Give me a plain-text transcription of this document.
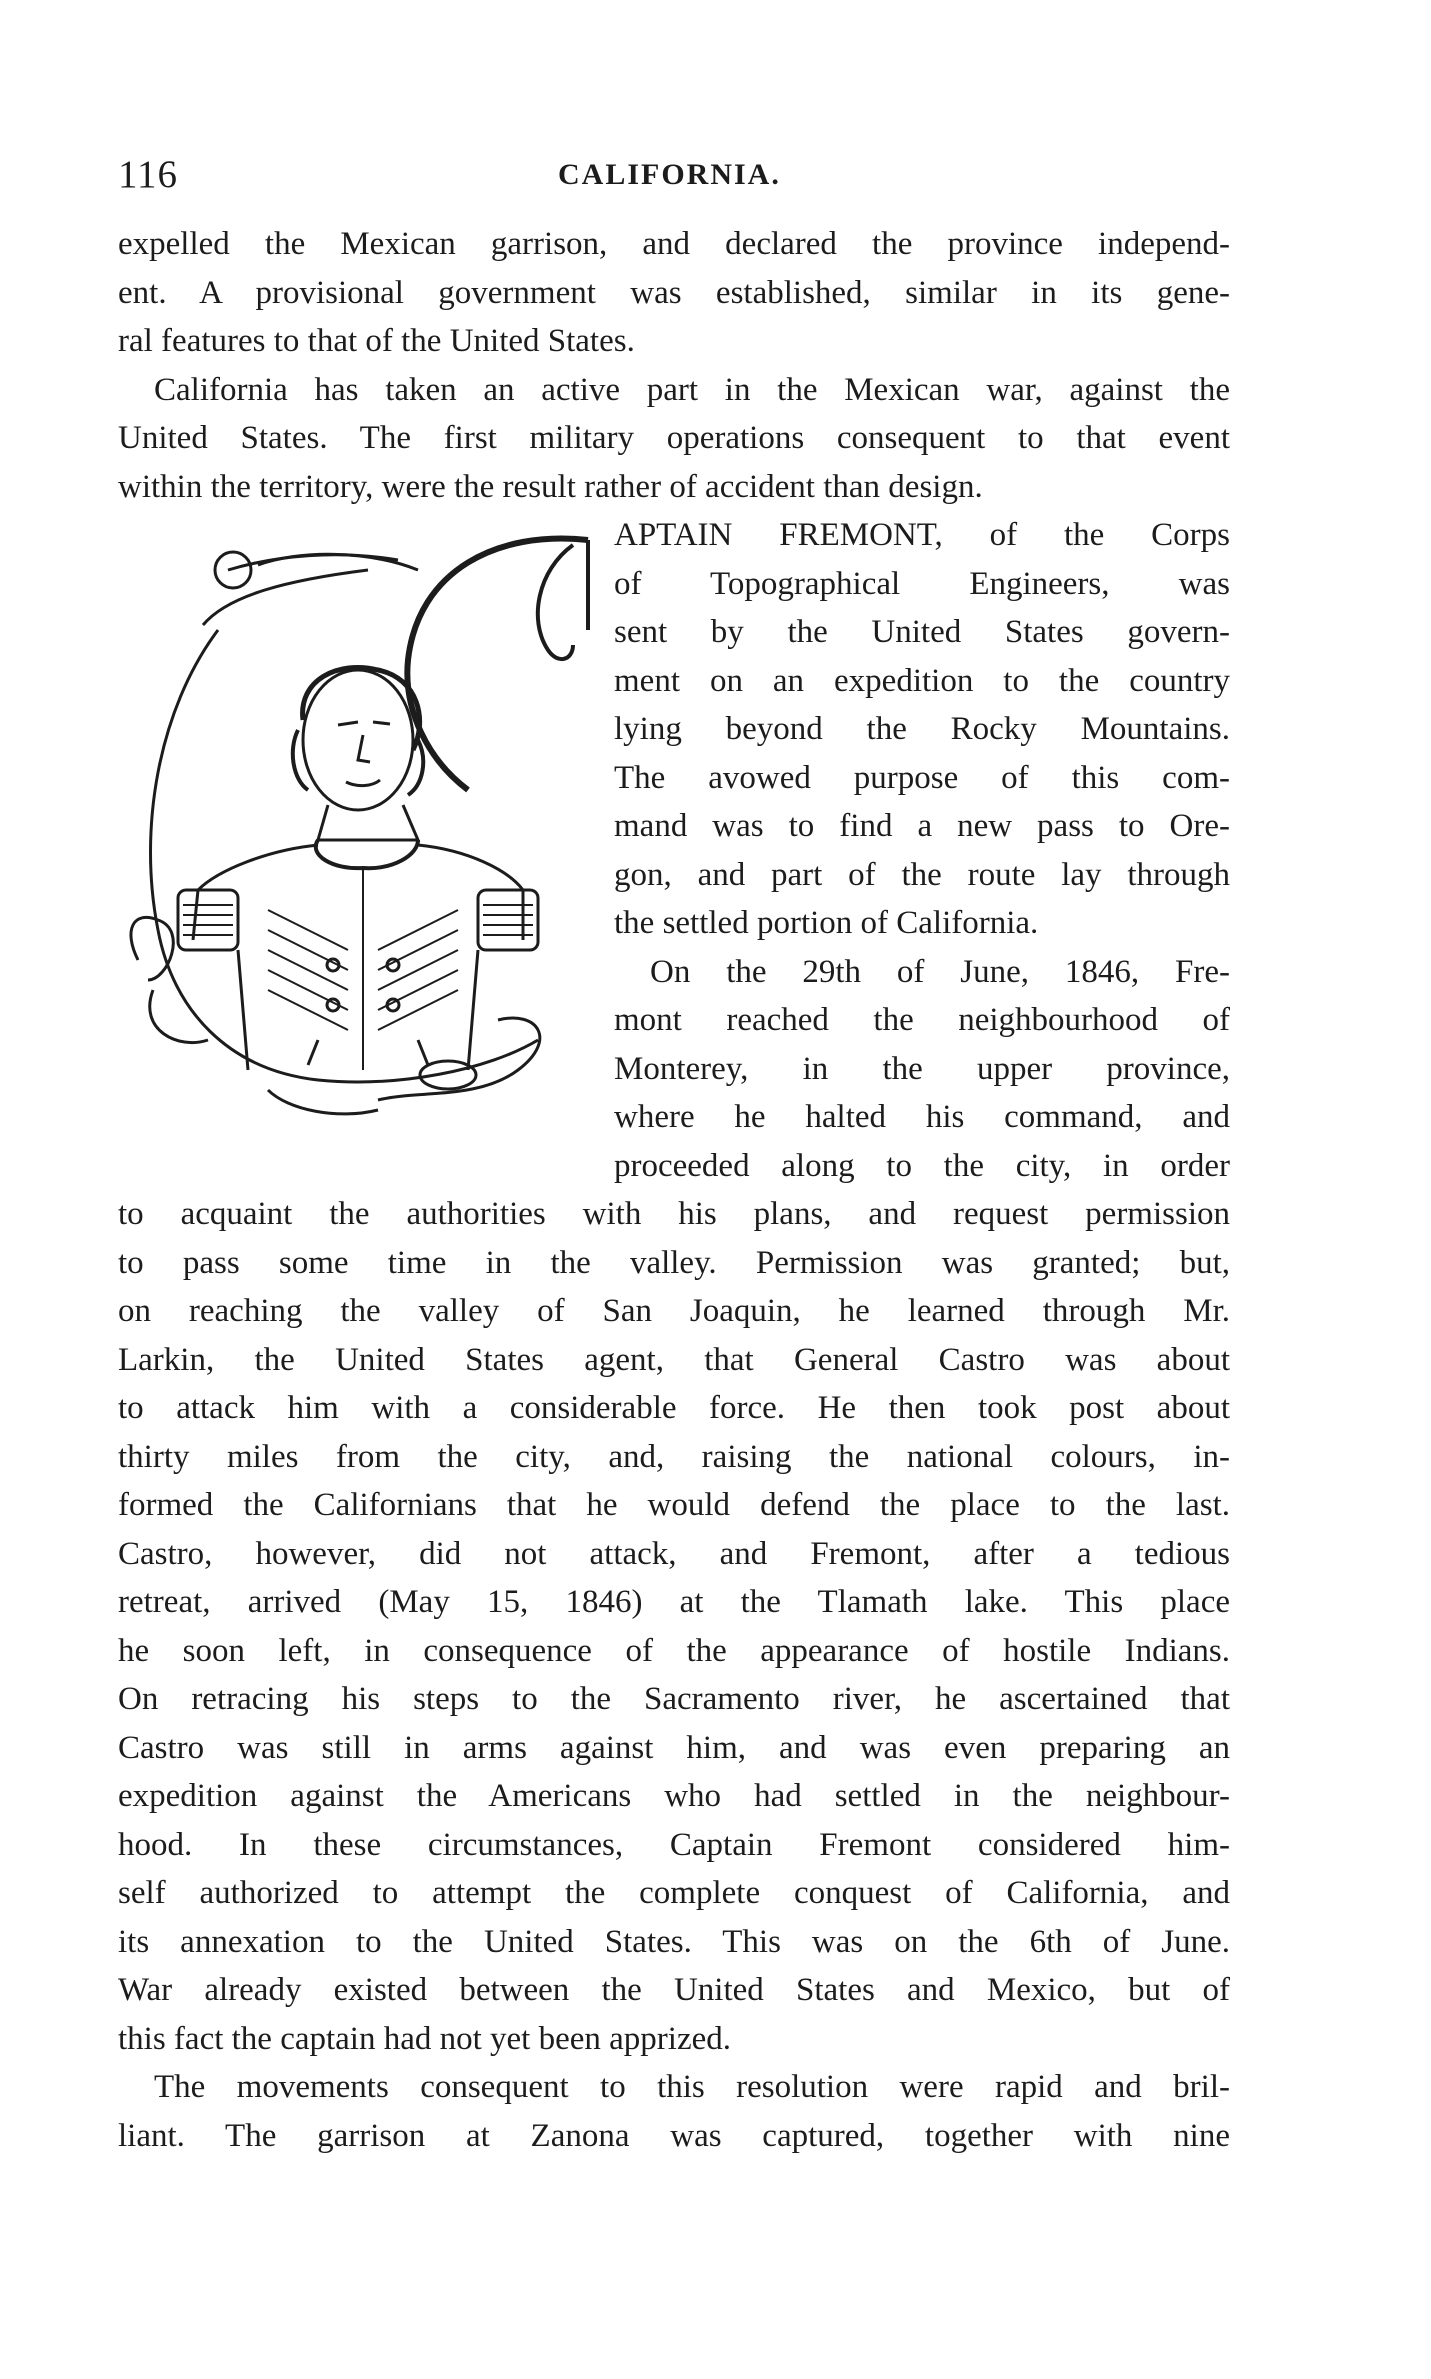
116	CALIFORNIA.
expelled the Mexican garrison, and declared the province independ-
ent. A provisional government was established, similar in its gene-
ral features to that of the United States.
California has taken an active part in the Mexican war, against the
United States. The first military operations consequent to that event
within the territory, were the result rather of accident than design.
APTAIN FREMONT, of the Corps
of Topographical Engineers, was
sent by the United States govern-
ment on an expedition to the country
lying beyond the Rocky Mountains.
The avowed purpose of this com-
mand was to find a new pass to Ore-
gon, and part of the route lay through
the settled portion of California.
On the 29th of June, 1846, Fre-
mont reached the neighbourhood of
Monterey, in the upper province,
where he halted his command, and
proceeded along to the city, in order
to acquaint the authorities with his plans, and request permission
to pass some time in the valley. Permission was granted; but,
on reaching the valley of San Joaquin, he learned through Mr.
Larkin, the United States agent, that General Castro was about
to attack him with a considerable force. He then took post about
thirty miles from the city, and, raising the national colours, in-
formed the Californians that he would defend the place to the last.
Castro, however, did not attack, and Fremont, after a tedious
retreat, arrived (May 15, 1846) at the Tlamath lake. This place
he soon left, in consequence of the appearance of hostile Indians.
On retracing his steps to the Sacramento river, he ascertained that
Castro was still in arms against him, and was even preparing an
expedition against the Americans who had settled in the neighbour-
hood. In these circumstances, Captain Fremont considered him-
self authorized to attempt the complete conquest of California, and
its annexation to the United States. This was on the 6th of June.
War already existed between the United States and Mexico, but of
this fact the captain had not yet been apprized.
The movements consequent to this resolution were rapid and bril-
liant. The garrison at Zanona was captured, together with nine
